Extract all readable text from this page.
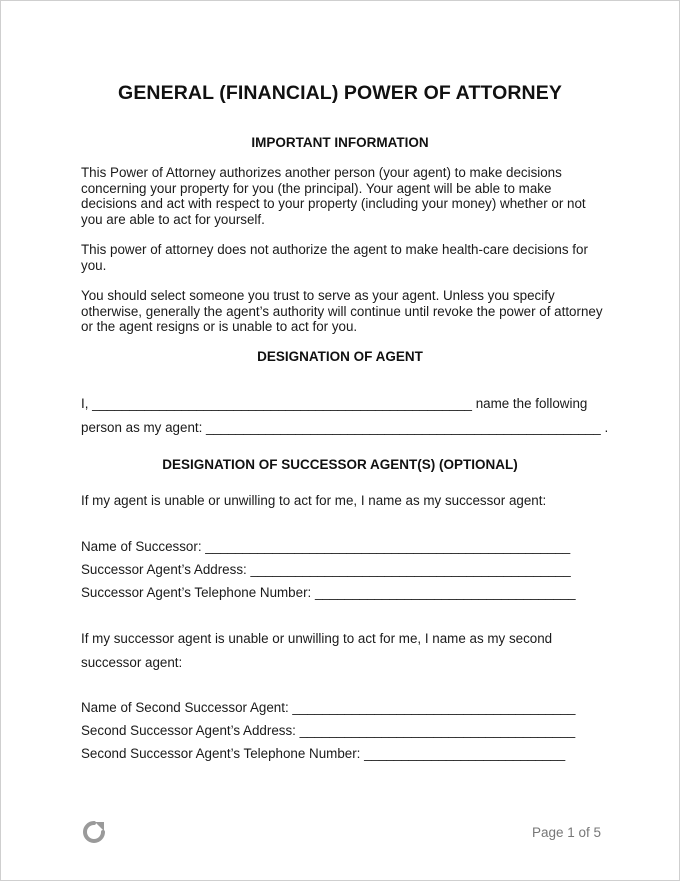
GENERAL (FINANCIAL) POWER OF ATTORNEY
IMPORTANT INFORMATION
This Power of Attorney authorizes another person (your agent) to make decisions
concerning your property for you (the principal). Your agent will be able to make
decisions and act with respect to your property (including your money) whether or not
you are able to act for yourself.
This power of attorney does not authorize the agent to make health-care decisions for
you.
You should select someone you trust to serve as your agent. Unless you specify
otherwise, generally the agent’s authority will continue until revoke the power of attorney
or the agent resigns or is unable to act for you.
DESIGNATION OF AGENT
I, ___________________________________________________ name the following
person as my agent: _____________________________________________________ .
DESIGNATION OF SUCCESSOR AGENT(S) (OPTIONAL)
If my agent is unable or unwilling to act for me, I name as my successor agent:
Name of Successor: _________________________________________________
Successor Agent’s Address: ___________________________________________
Successor Agent’s Telephone Number: ___________________________________
If my successor agent is unable or unwilling to act for me, I name as my second
successor agent:
Name of Second Successor Agent: ______________________________________
Second Successor Agent’s Address: _____________________________________
Second Successor Agent’s Telephone Number: ___________________________
Page 1 of 5
